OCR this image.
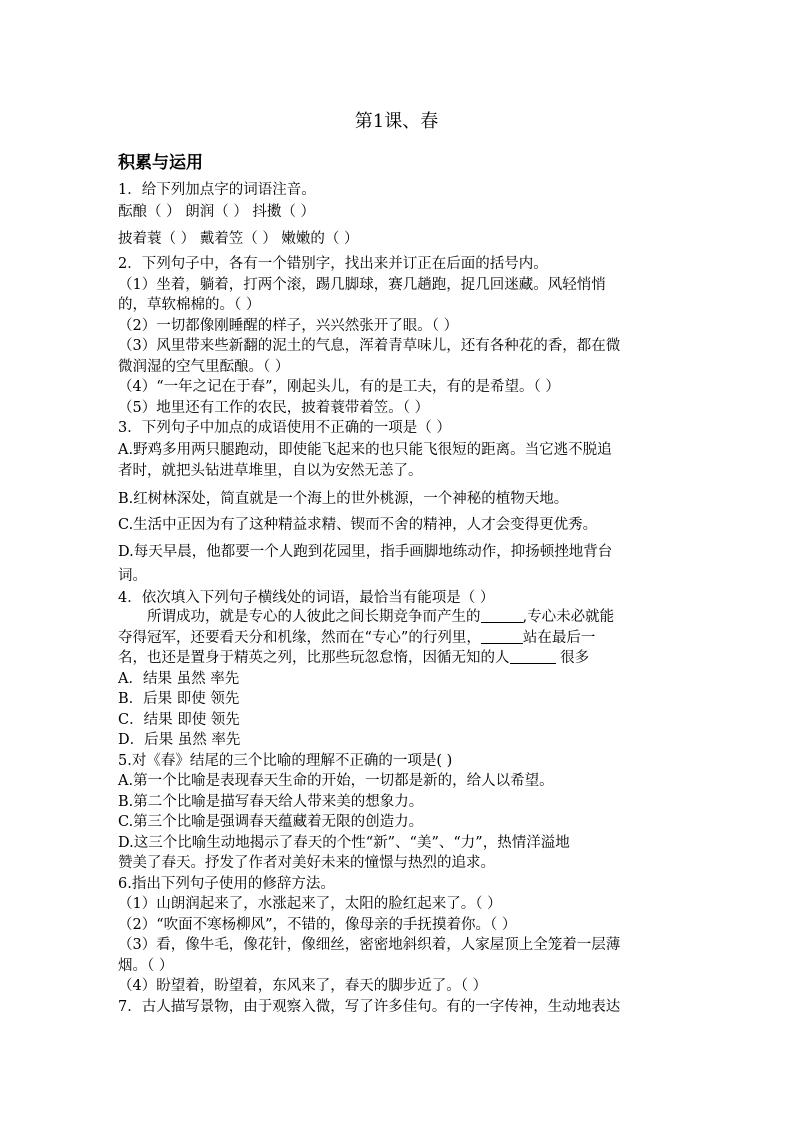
第1课、春
积累与运用
1．给下列加点字的词语注音。
酝酿（ ） 朗润（ ） 抖擞（ ）
披着蓑（ ） 戴着笠（ ） 嫩嫩的（ ）
2．下列句子中，各有一个错别字，找出来并订正在后面的括号内。
（1）坐着，躺着，打两个滚，踢几脚球，赛几趟跑，捉几回迷藏。风轻悄悄
的，草软棉棉的。（ ）
（2）一切都像刚睡醒的样子，兴兴然张开了眼。（ ）
（3）风里带来些新翻的泥土的气息，浑着青草味儿，还有各种花的香，都在微
微润湿的空气里酝酿。（ ）
（4）“一年之记在于春”，刚起头儿，有的是工夫，有的是希望。（ ）
（5）地里还有工作的农民，披着蓑带着笠。（ ）
3．下列句子中加点的成语使用不正确的一项是（ ）
A.野鸡多用两只腿跑动，即使能飞起来的也只能飞很短的距离。当它逃不脱追
者时，就把头钻进草堆里，自以为安然无恙了。
B.红树林深处，简直就是一个海上的世外桃源，一个神秘的植物天地。
C.生活中正因为有了这种精益求精、锲而不舍的精神，人才会变得更优秀。
D.每天早晨，他都要一个人跑到花园里，指手画脚地练动作，抑扬顿挫地背台
词。
4．依次填入下列句子横线处的词语，最恰当有能项是（ ）
所谓成功，就是专心的人彼此之间长期竞争而产生的	,专心未必就能
夺得冠军，还要看天分和机缘，然而在“专心”的行列里，	站在最后一
名，也还是置身于精英之列，比那些玩忽怠惰，因循无知的人	很多
A．结果 虽然 率先
B．后果 即使 领先
C．结果 即使 领先
D．后果 虽然 率先
5.对《春》结尾的三个比喻的理解不正确的一项是( )
A.第一个比喻是表现春天生命的开始，一切都是新的，给人以希望。
B.第二个比喻是描写春天给人带来美的想象力。
C.第三个比喻是强调春天蕴藏着无限的创造力。
D.这三个比喻生动地揭示了春天的个性“新”、“美”、“力”，热情洋溢地
赞美了春天。抒发了作者对美好未来的憧憬与热烈的追求。
6.指出下列句子使用的修辞方法。
（1）山朗润起来了，水涨起来了，太阳的脸红起来了。（ ）
（2）“吹面不寒杨柳风”，不错的，像母亲的手抚摸着你。（ ）
（3）看，像牛毛，像花针，像细丝，密密地斜织着，人家屋顶上全笼着一层薄
烟。（ ）
（4）盼望着，盼望着，东风来了，春天的脚步近了。（ ）
7．古人描写景物，由于观察入微，写了许多佳句。有的一字传神，生动地表达
